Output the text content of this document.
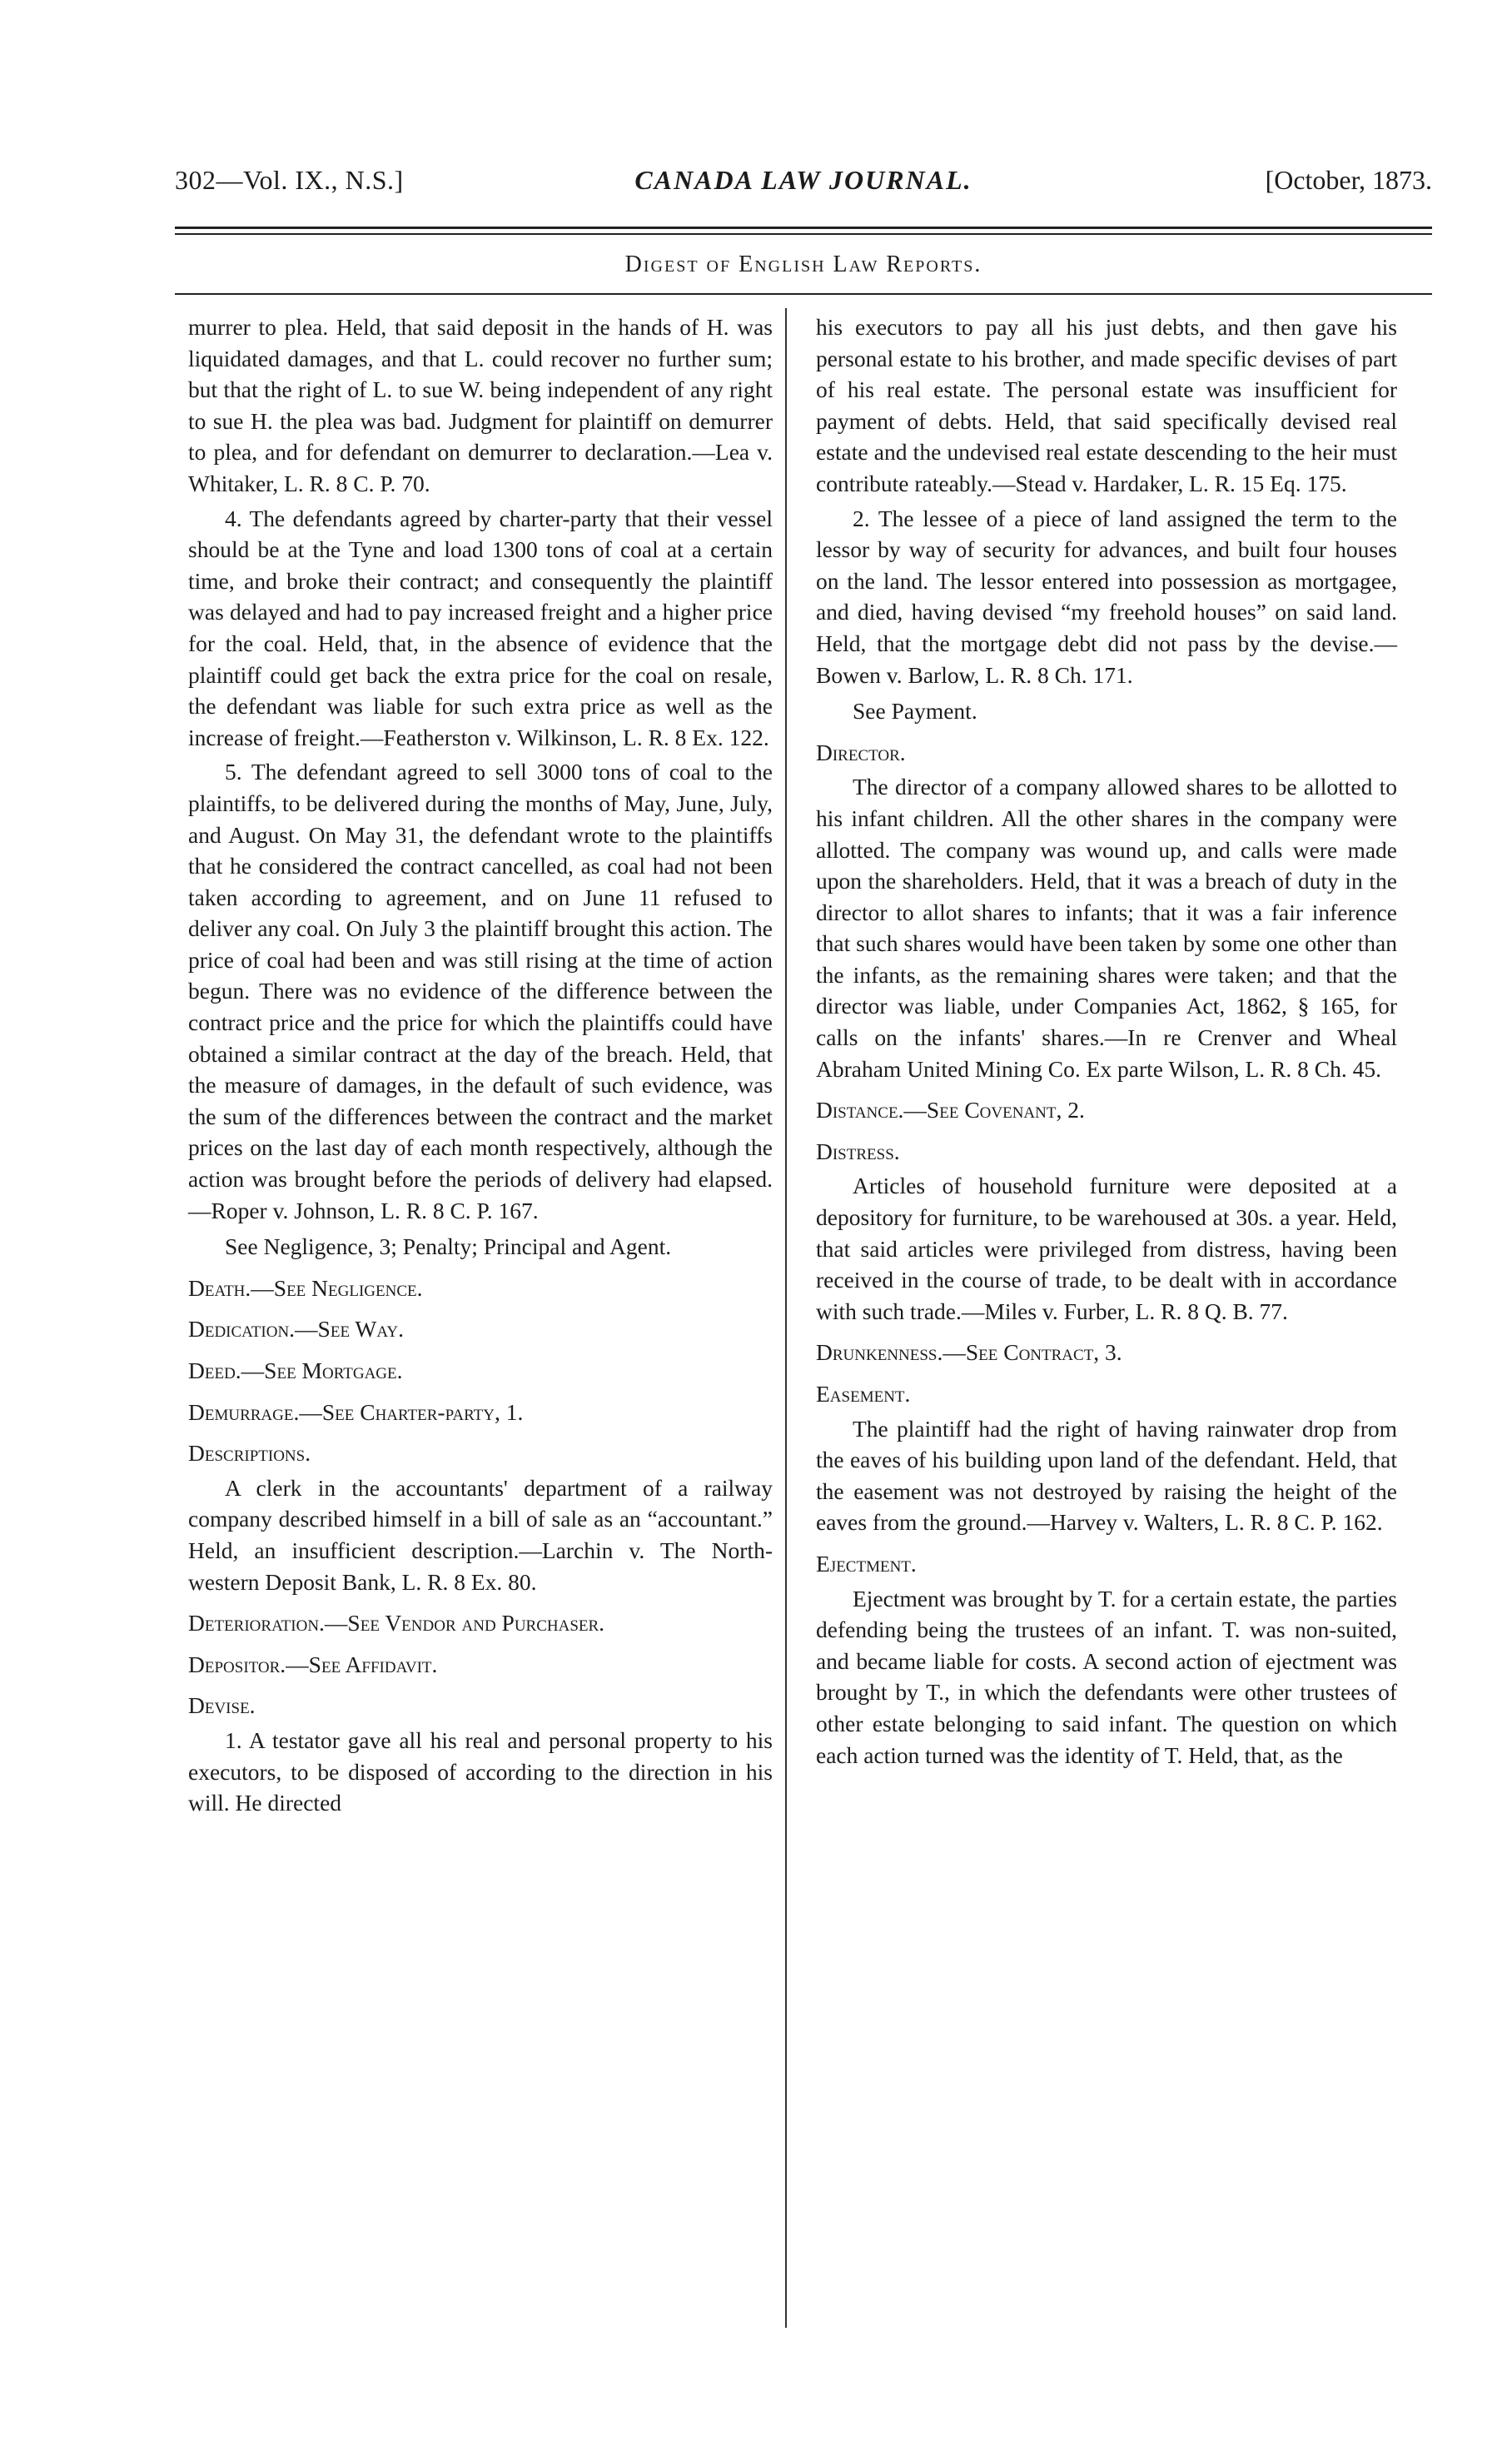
302—Vol. IX., N.S.]	CANADA LAW JOURNAL.	[October, 1873.
Digest of English Law Reports.

murrer to plea. Held, that said deposit in the hands of H. was liquidated damages, and that L. could recover no further sum; but that the right of L. to sue W. being independent of any right to sue H. the plea was bad. Judgment for plaintiff on demurrer to plea, and for defendant on demurrer to declaration.—Lea v. Whitaker, L. R. 8 C. P. 70.

4. The defendants agreed by charter-party that their vessel should be at the Tyne and load 1300 tons of coal at a certain time, and broke their contract; and consequently the plaintiff was delayed and had to pay increased freight and a higher price for the coal. Held, that, in the absence of evidence that the plaintiff could get back the extra price for the coal on resale, the defendant was liable for such extra price as well as the increase of freight.—Featherston v. Wilkinson, L. R. 8 Ex. 122.

5. The defendant agreed to sell 3000 tons of coal to the plaintiffs, to be delivered during the months of May, June, July, and August. On May 31, the defendant wrote to the plaintiffs that he considered the contract cancelled, as coal had not been taken according to agreement, and on June 11 refused to deliver any coal. On July 3 the plaintiff brought this action. The price of coal had been and was still rising at the time of action begun. There was no evidence of the difference between the contract price and the price for which the plaintiffs could have obtained a similar contract at the day of the breach. Held, that the measure of damages, in the default of such evidence, was the sum of the differences between the contract and the market prices on the last day of each month respectively, although the action was brought before the periods of delivery had elapsed.—Roper v. Johnson, L. R. 8 C. P. 167.

See Negligence, 3; Penalty; Principal and Agent.

Death.—See Negligence.

Dedication.—See Way.

Deed.—See Mortgage.

Demurrage.—See Charter-party, 1.

Descriptions.

A clerk in the accountants' department of a railway company described himself in a bill of sale as an “accountant.” Held, an insufficient description.—Larchin v. The North-western Deposit Bank, L. R. 8 Ex. 80.

Deterioration.—See Vendor and Purchaser.

Depositor.—See Affidavit.

Devise.

1. A testator gave all his real and personal property to his executors, to be disposed of according to the direction in his will. He directed

his executors to pay all his just debts, and then gave his personal estate to his brother, and made specific devises of part of his real estate. The personal estate was insufficient for payment of debts. Held, that said specifically devised real estate and the undevised real estate descending to the heir must contribute rateably.—Stead v. Hardaker, L. R. 15 Eq. 175.

2. The lessee of a piece of land assigned the term to the lessor by way of security for advances, and built four houses on the land. The lessor entered into possession as mortgagee, and died, having devised “my freehold houses” on said land. Held, that the mortgage debt did not pass by the devise.—Bowen v. Barlow, L. R. 8 Ch. 171.

See Payment.

Director.

The director of a company allowed shares to be allotted to his infant children. All the other shares in the company were allotted. The company was wound up, and calls were made upon the shareholders. Held, that it was a breach of duty in the director to allot shares to infants; that it was a fair inference that such shares would have been taken by some one other than the infants, as the remaining shares were taken; and that the director was liable, under Companies Act, 1862, § 165, for calls on the infants' shares.—In re Crenver and Wheal Abraham United Mining Co. Ex parte Wilson, L. R. 8 Ch. 45.

Distance.—See Covenant, 2.

Distress.

Articles of household furniture were deposited at a depository for furniture, to be warehoused at 30s. a year. Held, that said articles were privileged from distress, having been received in the course of trade, to be dealt with in accordance with such trade.—Miles v. Furber, L. R. 8 Q. B. 77.

Drunkenness.—See Contract, 3.

Easement.

The plaintiff had the right of having rainwater drop from the eaves of his building upon land of the defendant. Held, that the easement was not destroyed by raising the height of the eaves from the ground.—Harvey v. Walters, L. R. 8 C. P. 162.

Ejectment.

Ejectment was brought by T. for a certain estate, the parties defending being the trustees of an infant. T. was non-suited, and became liable for costs. A second action of ejectment was brought by T., in which the defendants were other trustees of other estate belonging to said infant. The question on which each action turned was the identity of T. Held, that, as the
